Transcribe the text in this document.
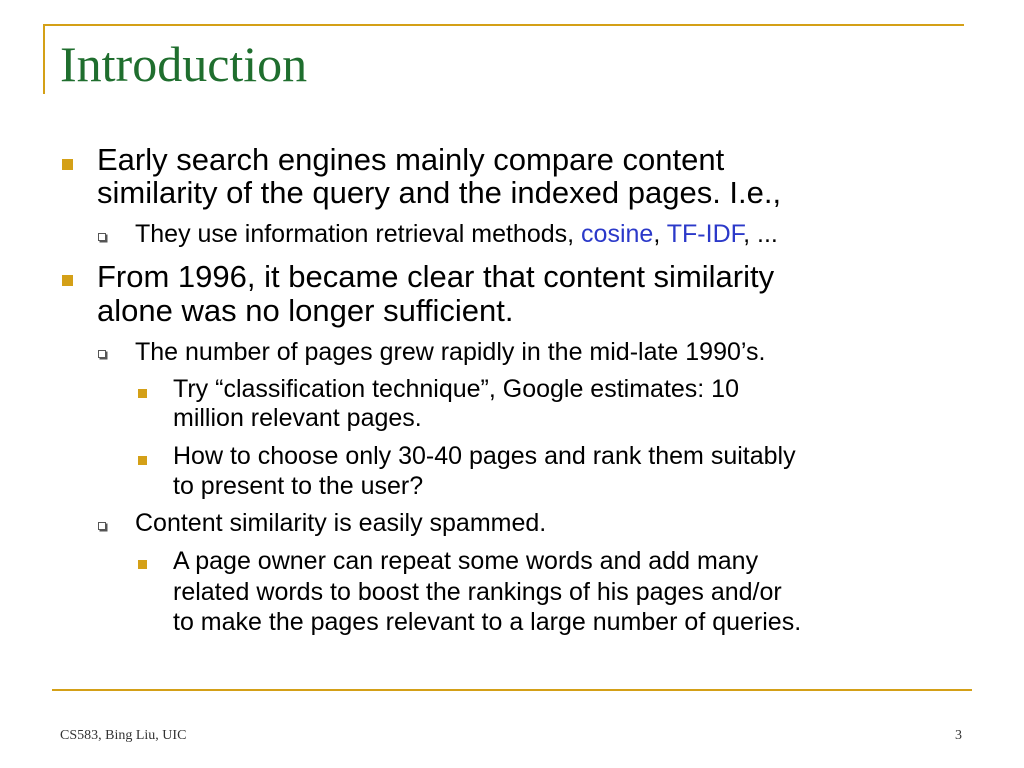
Introduction
Early search engines mainly compare content
similarity of the query and the indexed pages. I.e.,
They use information retrieval methods, cosine, TF-IDF, ...
From 1996, it became clear that content similarity
alone was no longer sufficient.
The number of pages grew rapidly in the mid-late 1990’s.
Try “classification technique”, Google estimates: 10
million relevant pages.
How to choose only 30-40 pages and rank them suitably
to present to the user?
Content similarity is easily spammed.
A page owner can repeat some words and add many
related words to boost the rankings of his pages and/or
to make the pages relevant to a large number of queries.
CS583, Bing Liu, UIC	3
